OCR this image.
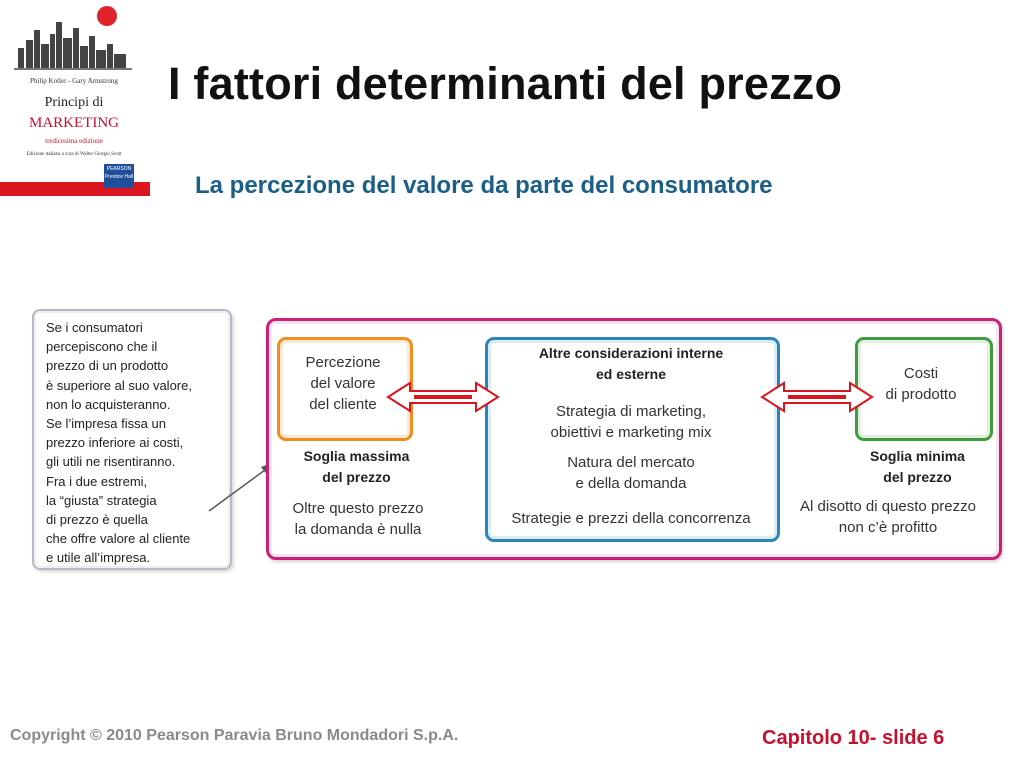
Philip Kotler - Gary Armstrong
Principi di
MARKETING
tredicesima edizione
Edizione italiana a cura di Walter Giorgio Scott
PEARSON
Prentice Hall
I fattori determinanti del prezzo
La percezione del valore da parte del consumatore
Se i consumatori
percepiscono che il
prezzo di un prodotto
è superiore al suo valore,
non lo acquisteranno.
Se l’impresa fissa un
prezzo inferiore ai costi,
gli utili ne risentiranno.
Fra i due estremi,
la “giusta” strategia
di prezzo è quella
che offre valore al cliente
e utile all’impresa.
Percezione
del valore
del cliente
Soglia massima
del prezzo
Oltre questo prezzo
la domanda è nulla
Altre considerazioni interne
ed esterne
Strategia di marketing,
obiettivi e marketing mix
Natura del mercato
e della domanda
Strategie e prezzi della concorrenza
Costi
di prodotto
Soglia minima
del prezzo
Al disotto di questo prezzo
non c’è profitto
Copyright © 2010 Pearson Paravia Bruno Mondadori S.p.A.	Capitolo 10- slide 6
